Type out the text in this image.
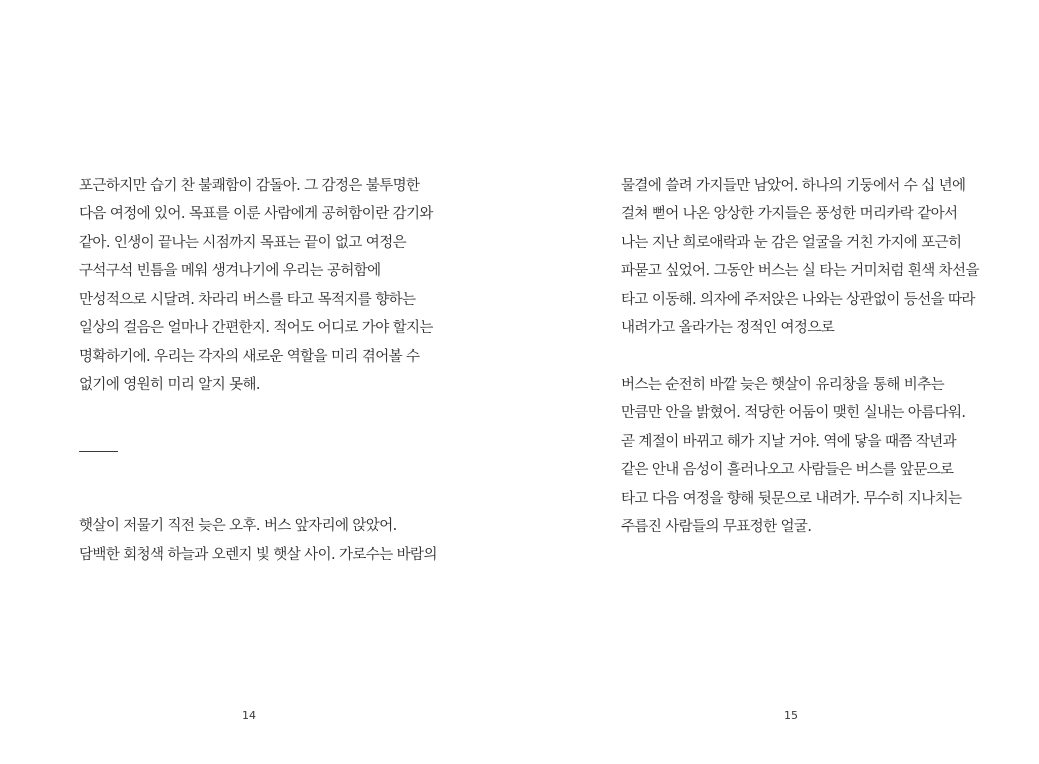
포근하지만 습기 찬 불쾌함이 감돌아. 그 감정은 불투명한
다음 여정에 있어. 목표를 이룬 사람에게 공허함이란 감기와
같아. 인생이 끝나는 시점까지 목표는 끝이 없고 여정은
구석구석 빈틈을 메워 생겨나기에 우리는 공허함에
만성적으로 시달려. 차라리 버스를 타고 목적지를 향하는
일상의 걸음은 얼마나 간편한지. 적어도 어디로 가야 할지는
명확하기에. 우리는 각자의 새로운 역할을 미리 겪어볼 수
없기에 영원히 미리 알지 못해.
햇살이 저물기 직전 늦은 오후. 버스 앞자리에 앉았어.
담백한 회청색 하늘과 오렌지 빛 햇살 사이. 가로수는 바람의
14
물결에 쓸려 가지들만 남았어. 하나의 기둥에서 수 십 년에
걸쳐 뻗어 나온 앙상한 가지들은 풍성한 머리카락 같아서
나는 지난 희로애락과 눈 감은 얼굴을 거친 가지에 포근히
파묻고 싶었어. 그동안 버스는 실 타는 거미처럼 흰색 차선을
타고 이동해. 의자에 주저앉은 나와는 상관없이 등선을 따라
내려가고 올라가는 정적인 여정으로
버스는 순전히 바깥 늦은 햇살이 유리창을 통해 비추는
만큼만 안을 밝혔어. 적당한 어둠이 맺힌 실내는 아름다워.
곧 계절이 바뀌고 해가 지날 거야. 역에 닿을 때쯤 작년과
같은 안내 음성이 흘러나오고 사람들은 버스를 앞문으로
타고 다음 여정을 향해 뒷문으로 내려가. 무수히 지나치는
주름진 사람들의 무표정한 얼굴.
15
